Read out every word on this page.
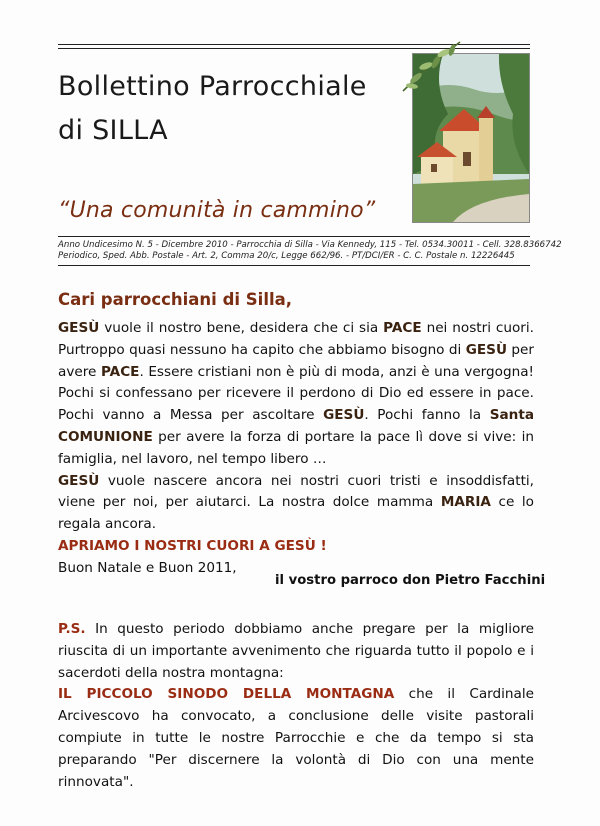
Bollettino Parrocchiale
di SILLA
“Una comunità in cammino”
Anno Undicesimo N. 5 - Dicembre 2010 - Parrocchia di Silla - Via Kennedy, 115 - Tel. 0534.30011 - Cell. 328.8366742
Periodico, Sped. Abb. Postale - Art. 2, Comma 20/c, Legge 662/96. - PT/DCI/ER - C. C. Postale n. 12226445
Cari parrocchiani di Silla,

GESÙ vuole il nostro bene, desidera che ci sia PACE nei nostri cuori. Purtroppo quasi nessuno ha capito che abbiamo bisogno di GESÙ per avere PACE. Essere cristiani non è più di moda, anzi è una vergogna! Pochi si confessano per ricevere il perdono di Dio ed essere in pace. Pochi vanno a Messa per ascoltare GESÙ. Pochi fanno la Santa COMUNIONE per avere la forza di portare la pace lì dove si vive: in famiglia, nel lavoro, nel tempo libero …

GESÙ vuole nascere ancora nei nostri cuori tristi e insoddisfatti, viene per noi, per aiutarci. La nostra dolce mamma MARIA ce lo regala ancora.

APRIAMO I NOSTRI CUORI A GESÙ !

Buon Natale e Buon 2011,

il vostro parroco don Pietro Facchini

P.S. In questo periodo dobbiamo anche pregare per la migliore riuscita di un importante avvenimento che riguarda tutto il popolo e i sacerdoti della nostra montagna:

IL PICCOLO SINODO DELLA MONTAGNA che il Cardinale Arcivescovo ha convocato, a conclusione delle visite pastorali compiute in tutte le nostre Parrocchie e che da tempo si sta preparando "Per discernere la volontà di Dio con una mente rinnovata".
